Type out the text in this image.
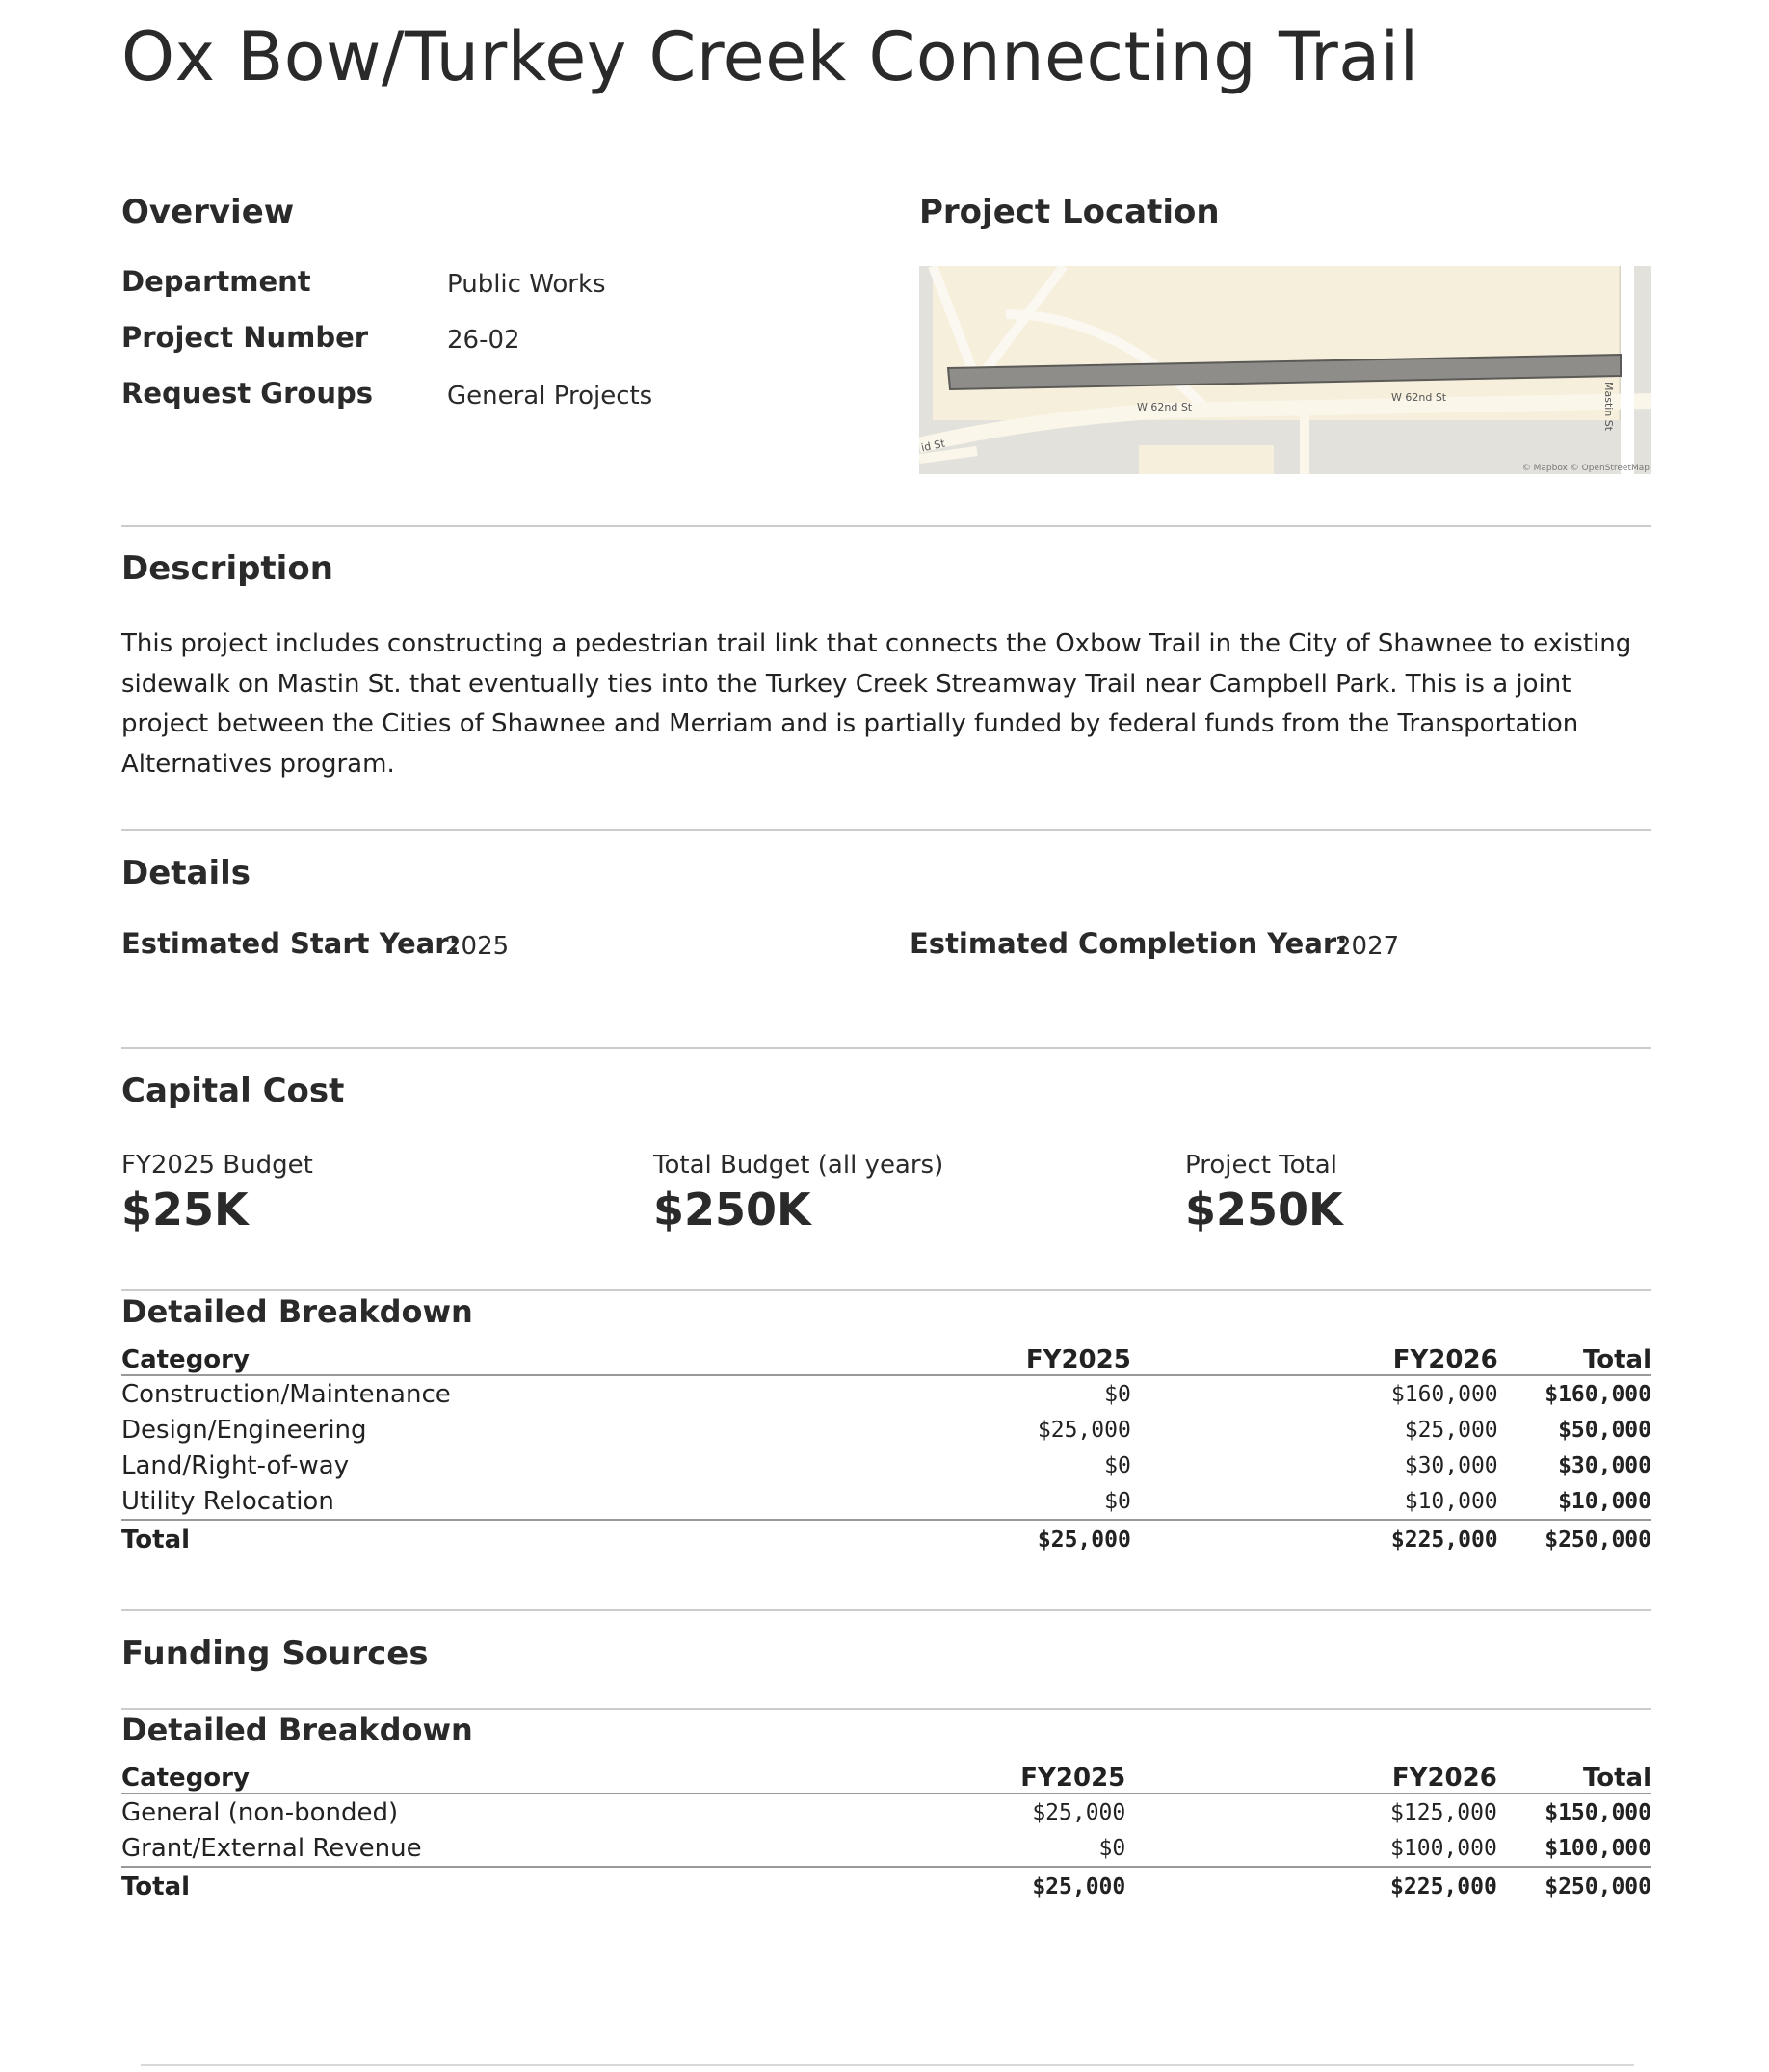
Ox Bow/Turkey Creek Connecting Trail
Overview
Department	Public Works
Project Number	26-02
Request Groups	General Projects
Project Location
W 62nd St
W 62nd St	Mastin St
id St
© Mapbox © OpenStreetMap
Description
This project includes constructing a pedestrian trail link that connects the Oxbow Trail in the City of Shawnee to existing sidewalk on Mastin St. that eventually ties into the Turkey Creek Streamway Trail near Campbell Park. This is a joint project between the Cities of Shawnee and Merriam and is partially funded by federal funds from the Transportation Alternatives program.
Details
Estimated Start Year:
2025	Estimated Completion Year:
2027
Capital Cost
FY2025 Budget
$25K
Total Budget (all years)
$250K
Project Total
$250K
Detailed Breakdown
Category	FY2025	FY2026	Total
Construction/Maintenance	$0	$160,000	$160,000
Design/Engineering	$25,000	$25,000	$50,000
Land/Right-of-way	$0	$30,000	$30,000
Utility Relocation	$0	$10,000	$10,000
Total	$25,000	$225,000	$250,000
Funding Sources
Detailed Breakdown
Category	FY2025	FY2026	Total
General (non-bonded)	$25,000	$125,000	$150,000
Grant/External Revenue	$0	$100,000	$100,000
Total	$25,000	$225,000	$250,000
